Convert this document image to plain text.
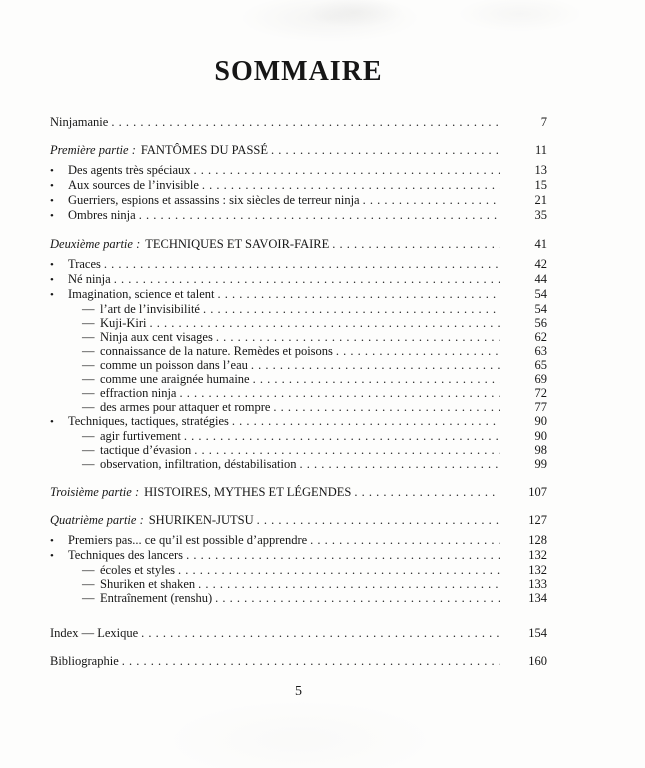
SOMMAIRE
Ninjamanie . . .	7
Première partie : FANTÔMES DU PASSÉ . . .	11
•	Des agents très spéciaux . . .	13
•	Aux sources de l’invisible . . .	15
•	Guerriers, espions et assassins : six siècles de terreur ninja . . .	21
•	Ombres ninja . . .	35
Deuxième partie : TECHNIQUES ET SAVOIR-FAIRE . . .	41
•	Traces . . .	42
•	Né ninja . . .	44
•	Imagination, science et talent . . .	54
— l’art de l’invisibilité . . .	54
— Kuji-Kiri . . .	56
— Ninja aux cent visages . . .	62
— connaissance de la nature. Remèdes et poisons . . .	63
— comme un poisson dans l’eau . . .	65
— comme une araignée humaine . . .	69
— effraction ninja . . .	72
— des armes pour attaquer et rompre . . .	77
•	Techniques, tactiques, stratégies . . .	90
— agir furtivement . . .	90
— tactique d’évasion . . .	98
— observation, infiltration, déstabilisation . . .	99
Troisième partie : HISTOIRES, MYTHES ET LÉGENDES . . .	107
Quatrième partie : SHURIKEN-JUTSU . . .	127
•	Premiers pas... ce qu’il est possible d’apprendre . . .	128
•	Techniques des lancers . . .	132
— écoles et styles . . .	132
— Shuriken et shaken . . .	133
— Entraînement (renshu) . . .	134
Index — Lexique . . .	154
Bibliographie . . .	160
5
